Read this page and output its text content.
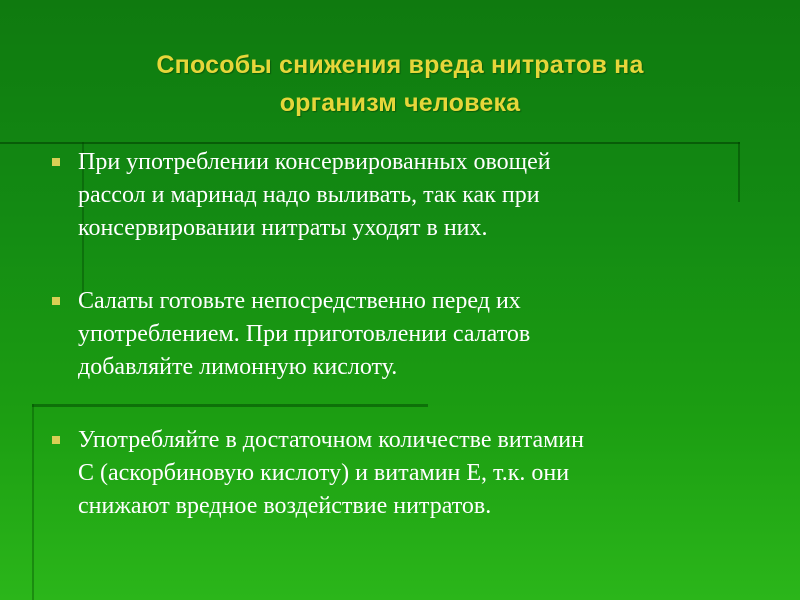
Способы снижения вреда нитратов на
организм человека
При употреблении консервированных овощей
рассол и маринад надо выливать, так как при
консервировании нитраты уходят в них.
Салаты готовьте непосредственно перед их
употреблением. При приготовлении салатов
добавляйте лимонную кислоту.
Употребляйте в достаточном количестве витамин
С (аскорбиновую кислоту) и витамин Е, т.к. они
снижают вредное воздействие нитратов.
